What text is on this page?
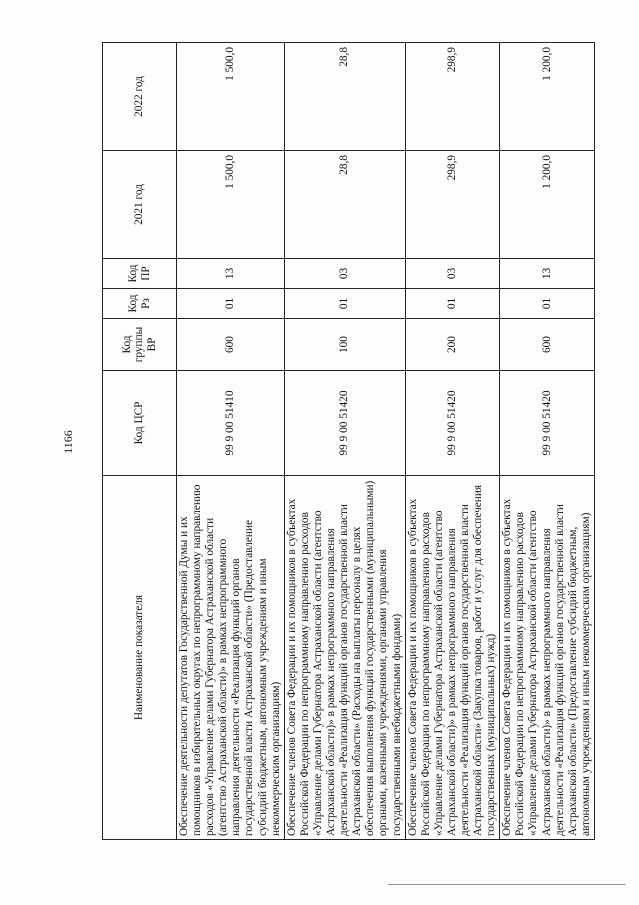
1166
Наименование показателя	Код ЦСР	Код группы ВР	Код Рз	Код ПР	2021 год	2022 год
Обеспечение деятельности депутатов Государственной Думы и их помощников в избирательных округах по непрограммному направлению расходов «Управление делами Губернатора Астраханской области (агентство Астраханской области)» в рамках непрограммного направления деятельности «Реализация функций органов государственной власти Астраханской области» (Предоставление субсидий бюджетным, автономным учреждениям и иным некоммерческим организациям)	99 9 00 51410	600	01	13	1 500,0	1 500,0
Обеспечение членов Совета Федерации и их помощников в субъектах Российской Федерации по непрограммному направлению расходов «Управление делами Губернатора Астраханской области (агентство Астраханской области)» в рамках непрограммного направления деятельности «Реализация функций органов государственной власти Астраханской области» (Расходы на выплаты персоналу в целях обеспечения выполнения функций государственными (муниципальными) органами, казенными учреждениями, органами управления государственными внебюджетными фондами)	99 9 00 51420	100	01	03	28,8	28,8
Обеспечение членов Совета Федерации и их помощников в субъектах Российской Федерации по непрограммному направлению расходов «Управление делами Губернатора Астраханской области (агентство Астраханской области)» в рамках непрограммного направления деятельности «Реализация функций органов государственной власти Астраханской области» (Закупка товаров, работ и услуг для обеспечения государственных (муниципальных) нужд)	99 9 00 51420	200	01	03	298,9	298,9
Обеспечение членов Совета Федерации и их помощников в субъектах Российской Федерации по непрограммному направлению расходов «Управление делами Губернатора Астраханской области (агентство Астраханской области)» в рамках непрограммного направления деятельности «Реализация функций органов государственной власти Астраханской области» (Предоставление субсидий бюджетным, автономным учреждениям и иным некоммерческим организациям)	99 9 00 51420	600	01	13	1 200,0	1 200,0
